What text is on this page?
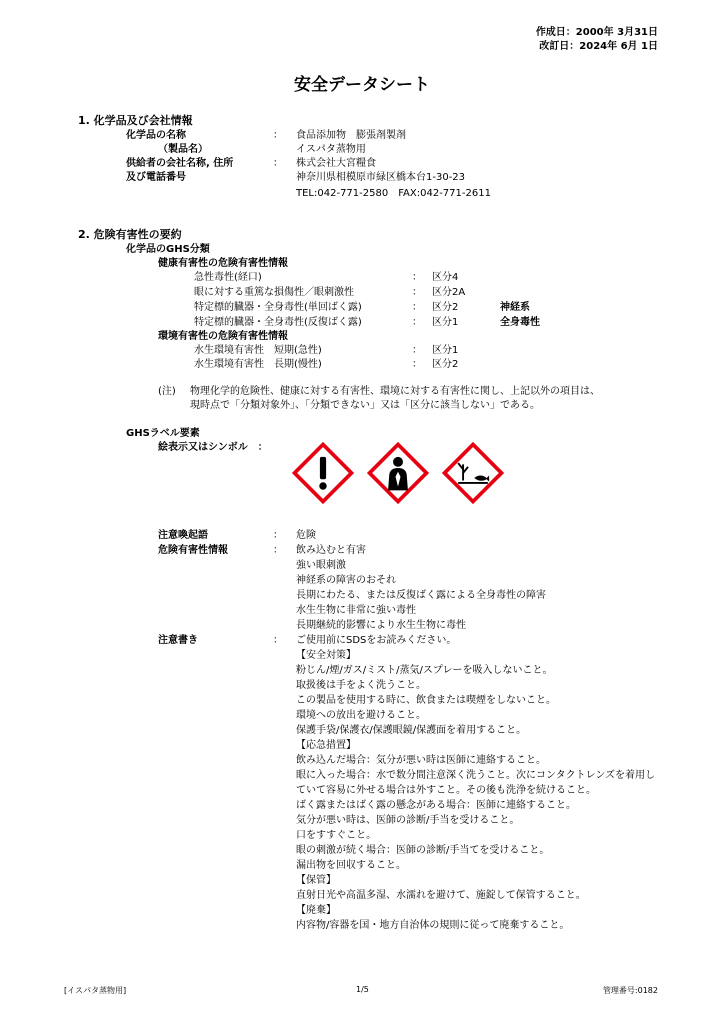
作成日：2000年 3月31日
改訂日：2024年 6月 1日
安全データシート
1. 化学品及び会社情報
化学品の名称	： 食品添加物　膨張剤製剤
（製品名）	イスパタ蒸物用
供給者の会社名称, 住所	： 株式会社大宮糧食
及び電話番号	神奈川県相模原市緑区橋本台1-30-23
TEL:042-771-2580　FAX:042-771-2611
2. 危険有害性の要約
化学品のGHS分類
健康有害性の危険有害性情報
急性毒性(経口)	： 区分4
眼に対する重篤な損傷性／眼刺激性	： 区分2A
特定標的臓器・全身毒性(単回ばく露)	： 区分2	神経系
特定標的臓器・全身毒性(反復ばく露)	： 区分1	全身毒性
環境有害性の危険有害性情報
水生環境有害性　短期(急性)	： 区分1
水生環境有害性　長期(慢性)	： 区分2
(注) 物理化学的危険性、健康に対する有害性、環境に対する有害性に関し、上記以外の項目は、
現時点で「分類対象外」、「分類できない」又は「区分に該当しない」である。
GHSラベル要素
絵表示又はシンボル　：
注意喚起語	： 危険
危険有害性情報	： 飲み込むと有害
強い眼刺激
神経系の障害のおそれ
長期にわたる、または反復ばく露による全身毒性の障害
水生生物に非常に強い毒性
長期継続的影響により水生生物に毒性
注意書き	： ご使用前にSDSをお読みください。
【安全対策】
粉じん/煙/ガス/ミスト/蒸気/スプレーを吸入しないこと。
取扱後は手をよく洗うこと。
この製品を使用する時に、飲食または喫煙をしないこと。
環境への放出を避けること。
保護手袋/保護衣/保護眼鏡/保護面を着用すること。
【応急措置】
飲み込んだ場合：気分が悪い時は医師に連絡すること。
眼に入った場合：水で数分間注意深く洗うこと。次にコンタクトレンズを着用し
ていて容易に外せる場合は外すこと。その後も洗浄を続けること。
ばく露またはばく露の懸念がある場合：医師に連絡すること。
気分が悪い時は、医師の診断/手当を受けること。
口をすすぐこと。
眼の刺激が続く場合：医師の診断/手当てを受けること。
漏出物を回収すること。
【保管】
直射日光や高温多湿、水濡れを避けて、施錠して保管すること。
【廃棄】
内容物/容器を国・地方自治体の規則に従って廃棄すること。
[イスパタ蒸物用]	1/5	管理番号:0182
